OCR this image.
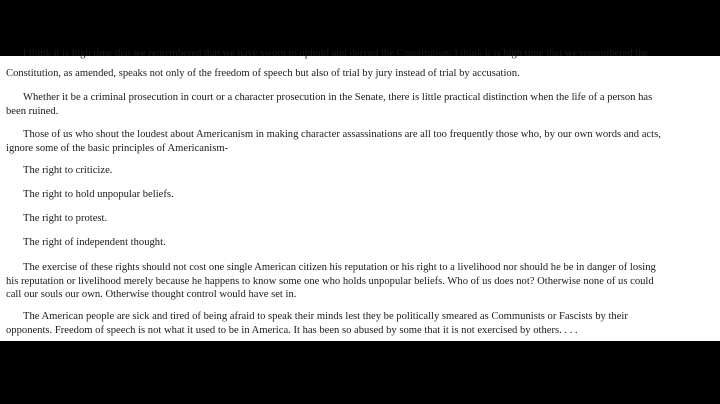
I think it is high time that we remembered that we have sworn to uphold and defend the Constitution. I think it is high time that we remembered the

Constitution, as amended, speaks not only of the freedom of speech but also of trial by jury instead of trial by accusation.

Whether it be a criminal prosecution in court or a character prosecution in the Senate, there is little practical distinction when the life of a person has
been ruined.

Those of us who shout the loudest about Americanism in making character assassinations are all too frequently those who, by our own words and acts,
ignore some of the basic principles of Americanism-

The right to criticize.

The right to hold unpopular beliefs.

The right to protest.

The right of independent thought.

The exercise of these rights should not cost one single American citizen his reputation or his right to a livelihood nor should he be in danger of losing
his reputation or livelihood merely because he happens to know some one who holds unpopular beliefs. Who of us does not? Otherwise none of us could
call our souls our own. Otherwise thought control would have set in.

The American people are sick and tired of being afraid to speak their minds lest they be politically smeared as Communists or Fascists by their
opponents. Freedom of speech is not what it used to be in America. It has been so abused by some that it is not exercised by others. . . .
